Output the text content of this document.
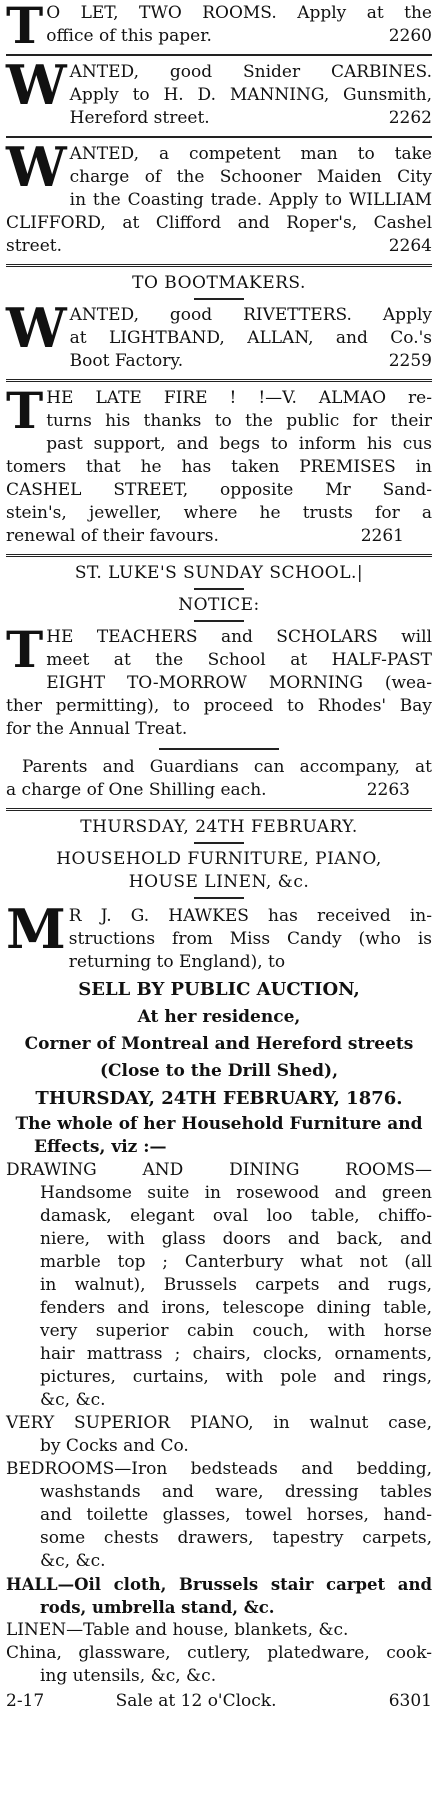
T O LET, TWO ROOMS. Apply at the
office of this paper.	2260
W ANTED, good Snider CARBINES.
Apply to H. D. MANNING, Gunsmith,
Hereford street.	2262
W ANTED, a competent man to take
charge of the Schooner Maiden City
in the Coasting trade. Apply to WILLIAM
CLIFFORD, at Clifford and Roper's, Cashel
street.	2264
TO BOOTMAKERS.
W ANTED, good RIVETTERS. Apply
at LIGHTBAND, ALLAN, and Co.'s
Boot Factory.	2259
T HE LATE FIRE ! !—V. ALMAO re-
turns his thanks to the public for their
past support, and begs to inform his cus
tomers that he has taken PREMISES in
CASHEL STREET, opposite Mr Sand-
stein's, jeweller, where he trusts for a
renewal of their favours.	2261
ST. LUKE'S SUNDAY SCHOOL.|
NOTICE:
T HE TEACHERS and SCHOLARS will
meet at the School at HALF-PAST
EIGHT TO-MORROW MORNING (wea-
ther permitting), to proceed to Rhodes' Bay
for the Annual Treat.
Parents and Guardians can accompany, at
a charge of One Shilling each.	2263
THURSDAY, 24TH FEBRUARY.
HOUSEHOLD FURNITURE, PIANO,
HOUSE LINEN, &c.
M R J. G. HAWKES has received in-
structions from Miss Candy (who is
returning to England), to
SELL BY PUBLIC AUCTION,
At her residence,
Corner of Montreal and Hereford streets
(Close to the Drill Shed),
THURSDAY, 24TH FEBRUARY, 1876.
The whole of her Household Furniture and
Effects, viz :—
DRAWING AND DINING ROOMS—
Handsome suite in rosewood and green
damask, elegant oval loo table, chiffo-
niere, with glass doors and back, and
marble top ; Canterbury what not (all
in walnut), Brussels carpets and rugs,
fenders and irons, telescope dining table,
very superior cabin couch, with horse
hair mattrass ; chairs, clocks, ornaments,
pictures, curtains, with pole and rings,
&c, &c.
VERY SUPERIOR PIANO, in walnut case,
by Cocks and Co.
BEDROOMS—Iron bedsteads and bedding,
washstands and ware, dressing tables
and toilette glasses, towel horses, hand-
some chests drawers, tapestry carpets,
&c, &c.
HALL—Oil cloth, Brussels stair carpet and
rods, umbrella stand, &c.
LINEN—Table and house, blankets, &c.
China, glassware, cutlery, platedware, cook-
ing utensils, &c, &c.
2-17	Sale at 12 o'Clock.	6301
